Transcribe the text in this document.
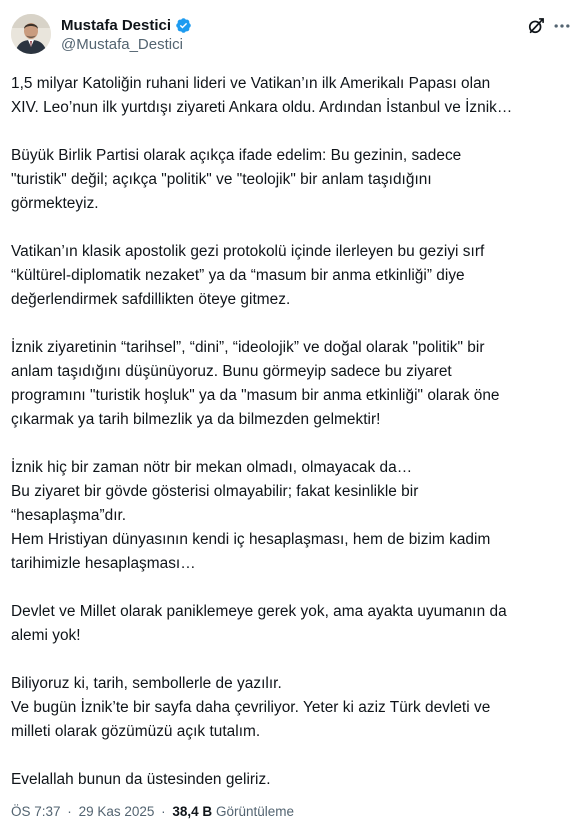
Mustafa Destici
@Mustafa_Destici

1,5 milyar Katoliğin ruhani lideri ve Vatikan’ın ilk Amerikalı Papası olan
XIV. Leo’nun ilk yurtdışı ziyareti Ankara oldu. Ardından İstanbul ve İznik…

Büyük Birlik Partisi olarak açıkça ifade edelim: Bu gezinin, sadece
"turistik" değil; açıkça "politik" ve "teolojik" bir anlam taşıdığını
görmekteyiz.

Vatikan’ın klasik apostolik gezi protokolü içinde ilerleyen bu geziyi sırf
“kültürel-diplomatik nezaket” ya da “masum bir anma etkinliği” diye
değerlendirmek safdillikten öteye gitmez.

İznik ziyaretinin “tarihsel”, “dini”, “ideolojik” ve doğal olarak "politik" bir
anlam taşıdığını düşünüyoruz. Bunu görmeyip sadece bu ziyaret
programını "turistik hoşluk" ya da "masum bir anma etkinliği" olarak öne
çıkarmak ya tarih bilmezlik ya da bilmezden gelmektir!

İznik hiç bir zaman nötr bir mekan olmadı, olmayacak da…
Bu ziyaret bir gövde gösterisi olmayabilir; fakat kesinlikle bir
“hesaplaşma”dır.
Hem Hristiyan dünyasının kendi iç hesaplaşması, hem de bizim kadim
tarihimizle hesaplaşması…

Devlet ve Millet olarak paniklemeye gerek yok, ama ayakta uyumanın da
alemi yok!

Biliyoruz ki, tarih, sembollerle de yazılır.
Ve bugün İznik’te bir sayfa daha çevriliyor. Yeter ki aziz Türk devleti ve
milleti olarak gözümüzü açık tutalım.

Evelallah bunun da üstesinden geliriz.

ÖS 7:37 · 29 Kas 2025 · 38,4 B Görüntüleme
